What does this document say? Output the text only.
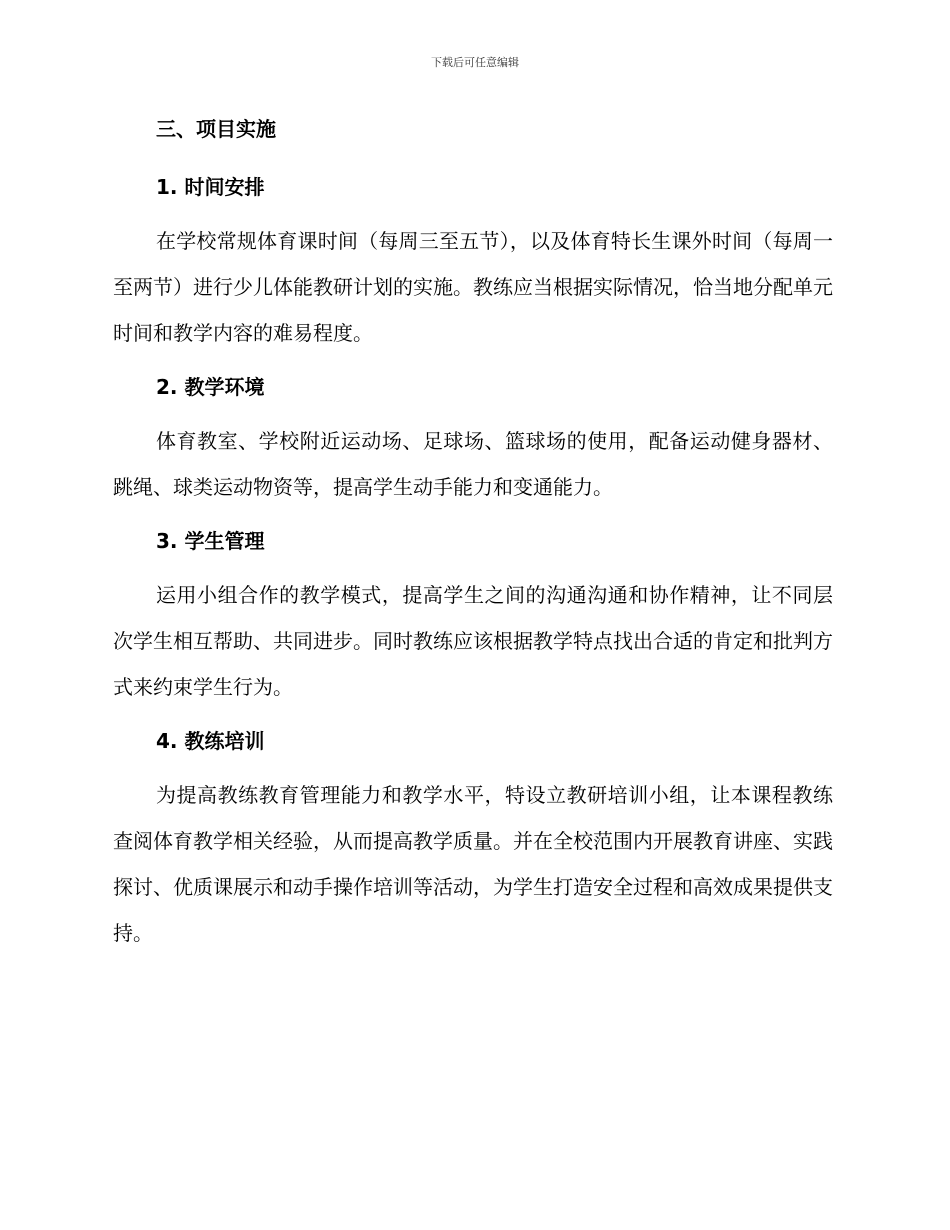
下载后可任意编辑
三、项目实施
1. 时间安排

在学校常规体育课时间（每周三至五节），以及体育特长生课外时间（每周一至两节）进行少儿体能教研计划的实施。教练应当根据实际情况，恰当地分配单元时间和教学内容的难易程度。

2. 教学环境

体育教室、学校附近运动场、足球场、篮球场的使用，配备运动健身器材、跳绳、球类运动物资等，提高学生动手能力和变通能力。

3. 学生管理

运用小组合作的教学模式，提高学生之间的沟通沟通和协作精神，让不同层次学生相互帮助、共同进步。同时教练应该根据教学特点找出合适的肯定和批判方式来约束学生行为。

4. 教练培训

为提高教练教育管理能力和教学水平，特设立教研培训小组，让本课程教练查阅体育教学相关经验，从而提高教学质量。并在全校范围内开展教育讲座、实践探讨、优质课展示和动手操作培训等活动，为学生打造安全过程和高效成果提供支持。
